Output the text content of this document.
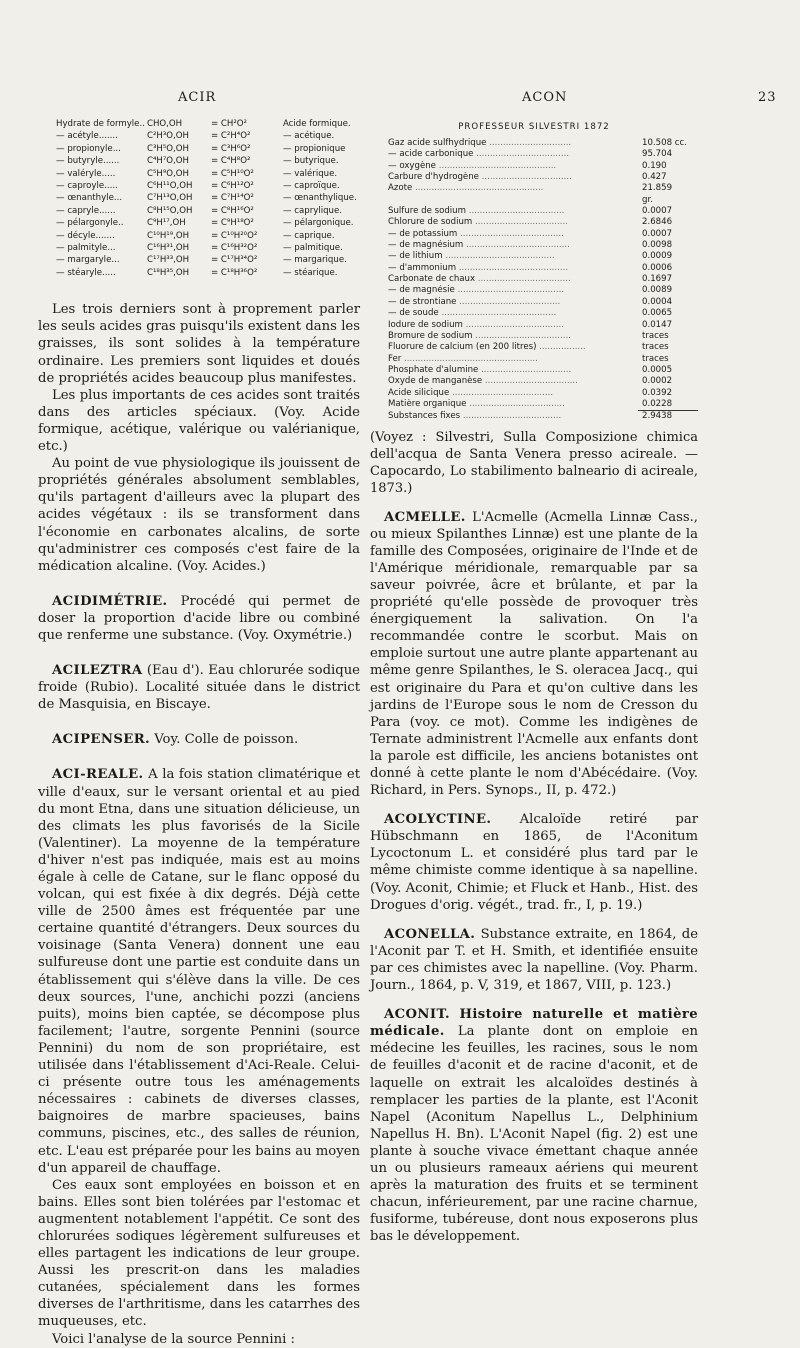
ACIR	ACON	23
Hydrate de formyle..	CHO,OH	= CH²O²	Acide formique.
— acétyle.......	C²H³O,OH	= C²H⁴O²	— acétique.
— propionyle...	C³H⁵O,OH	= C³H⁶O²	— propionique
— butyryle......	C⁴H⁷O,OH	= C⁴H⁸O²	— butyrique.
— valéryle.....	C⁵H⁹O,OH	= C⁵H¹⁰O²	— valérique.
— caproyle.....	C⁶H¹¹O,OH	= C⁶H¹²O²	— caproïque.
— œnanthyle...	C⁷H¹³O,OH	= C⁷H¹⁴O²	— œnanthylique.
— capryle......	C⁸H¹⁵O,OH	= C⁸H¹⁶O²	— caprylique.
— pélargonyle..	C⁹H¹⁷,OH	= C⁹H¹⁸O²	— pélargonique.
— décyle.......	C¹⁰H¹⁹,OH	= C¹⁰H²⁰O²	— caprique.
— palmityle...	C¹⁶H³¹,OH	= C¹⁶H³²O²	— palmitique.
— margaryle...	C¹⁷H³³,OH	= C¹⁷H³⁴O²	— margarique.
— stéaryle.....	C¹⁸H³⁵,OH	= C¹⁸H³⁶O²	— stéarique.

Les trois derniers sont à proprement parler les seuls acides gras puisqu'ils existent dans les graisses, ils sont solides à la température ordinaire. Les premiers sont liquides et doués de propriétés acides beaucoup plus manifestes.

Les plus importants de ces acides sont traités dans des articles spéciaux. (Voy. Acide formique, acétique, valérique ou valérianique, etc.)

Au point de vue physiologique ils jouissent de propriétés générales absolument semblables, qu'ils partagent d'ailleurs avec la plupart des acides végétaux : ils se transforment dans l'économie en carbonates alcalins, de sorte qu'administrer ces composés c'est faire de la médication alcaline. (Voy. Acides.)

ACIDIMÉTRIE. Procédé qui permet de doser la proportion d'acide libre ou combiné que renferme une substance. (Voy. Oxymétrie.)

ACILEZTRA (Eau d'). Eau chlorurée sodique froide (Rubio). Localité située dans le district de Masquisia, en Biscaye.

ACIPENSER. Voy. Colle de poisson.

ACI-REALE. A la fois station climatérique et ville d'eaux, sur le versant oriental et au pied du mont Etna, dans une situation délicieuse, un des climats les plus favorisés de la Sicile (Valentiner). La moyenne de la température d'hiver n'est pas indiquée, mais est au moins égale à celle de Catane, sur le flanc opposé du volcan, qui est fixée à dix degrés. Déjà cette ville de 2500 âmes est fréquentée par une certaine quantité d'étrangers. Deux sources du voisinage (Santa Venera) donnent une eau sulfureuse dont une partie est conduite dans un établissement qui s'élève dans la ville. De ces deux sources, l'une, anchichi pozzi (anciens puits), moins bien captée, se décompose plus facilement; l'autre, sorgente Pennini (source Pennini) du nom de son propriétaire, est utilisée dans l'établissement d'Aci-Reale. Celui-ci présente outre tous les aménagements nécessaires : cabinets de diverses classes, baignoires de marbre spacieuses, bains communs, piscines, etc., des salles de réunion, etc. L'eau est préparée pour les bains au moyen d'un appareil de chauffage.

Ces eaux sont employées en boisson et en bains. Elles sont bien tolérées par l'estomac et augmentent notablement l'appétit. Ce sont des chlorurées sodiques légèrement sulfureuses et elles partagent les indications de leur groupe. Aussi les prescrit-on dans les maladies cutanées, spécialement dans les formes diverses de l'arthritisme, dans les catarrhes des muqueuses, etc.

Voici l'analyse de la source Pennini :

PROFESSEUR SILVESTRI 1872
Gaz acide sulfhydrique ..............................	10.508 cc.
— acide carbonique ..................................	95.704
— oxygène ...........................................	0.190
Carbure d'hydrogène .................................	0.427
Azote ...............................................	21.859
	gr.
Sulfure de sodium ...................................	0.0007
Chlorure de sodium ..................................	2.6846
— de potassium ......................................	0.0007
— de magnésium ......................................	0.0098
— de lithium ........................................	0.0009
— d'ammonium ........................................	0.0006
Carbonate de chaux ..................................	0.1697
— de magnésie .......................................	0.0089
— de strontiane .....................................	0.0004
— de soude ..........................................	0.0065
Iodure de sodium ....................................	0.0147
Bromure de sodium ...................................	traces
Fluorure de calcium (en 200 litres) .................	traces
Fer .................................................	traces
Phosphate d'alumine .................................	0.0005
Oxyde de manganèse ..................................	0.0002
Acide silicique .....................................	0.0392
Matière organique ...................................	0.0228
Substances fixes ....................................	2.9438

(Voyez : Silvestri, Sulla Composizione chimica dell'acqua de Santa Venera presso acireale. — Capocardo, Lo stabilimento balneario di acireale, 1873.)

ACMELLE. L'Acmelle (Acmella Linnæ Cass., ou mieux Spilanthes Linnæ) est une plante de la famille des Composées, originaire de l'Inde et de l'Amérique méridionale, remarquable par sa saveur poivrée, âcre et brûlante, et par la propriété qu'elle possède de provoquer très énergiquement la salivation. On l'a recommandée contre le scorbut. Mais on emploie surtout une autre plante appartenant au même genre Spilanthes, le S. oleracea Jacq., qui est originaire du Para et qu'on cultive dans les jardins de l'Europe sous le nom de Cresson du Para (voy. ce mot). Comme les indigènes de Ternate administrent l'Acmelle aux enfants dont la parole est difficile, les anciens botanistes ont donné à cette plante le nom d'Abécédaire. (Voy. Richard, in Pers. Synops., II, p. 472.)

ACOLYCTINE. Alcaloïde retiré par Hübschmann en 1865, de l'Aconitum Lycoctonum L. et considéré plus tard par le même chimiste comme identique à sa napelline. (Voy. Aconit, Chimie; et Fluck et Hanb., Hist. des Drogues d'orig. végét., trad. fr., I, p. 19.)

ACONELLA. Substance extraite, en 1864, de l'Aconit par T. et H. Smith, et identifiée ensuite par ces chimistes avec la napelline. (Voy. Pharm. Journ., 1864, p. V, 319, et 1867, VIII, p. 123.)

ACONIT. Histoire naturelle et matière médicale. La plante dont on emploie en médecine les feuilles, les racines, sous le nom de feuilles d'aconit et de racine d'aconit, et de laquelle on extrait les alcaloïdes destinés à remplacer les parties de la plante, est l'Aconit Napel (Aconitum Napellus L., Delphinium Napellus H. Bn). L'Aconit Napel (fig. 2) est une plante à souche vivace émettant chaque année un ou plusieurs rameaux aériens qui meurent après la maturation des fruits et se terminent chacun, inférieurement, par une racine charnue, fusiforme, tubéreuse, dont nous exposerons plus bas le développement.
